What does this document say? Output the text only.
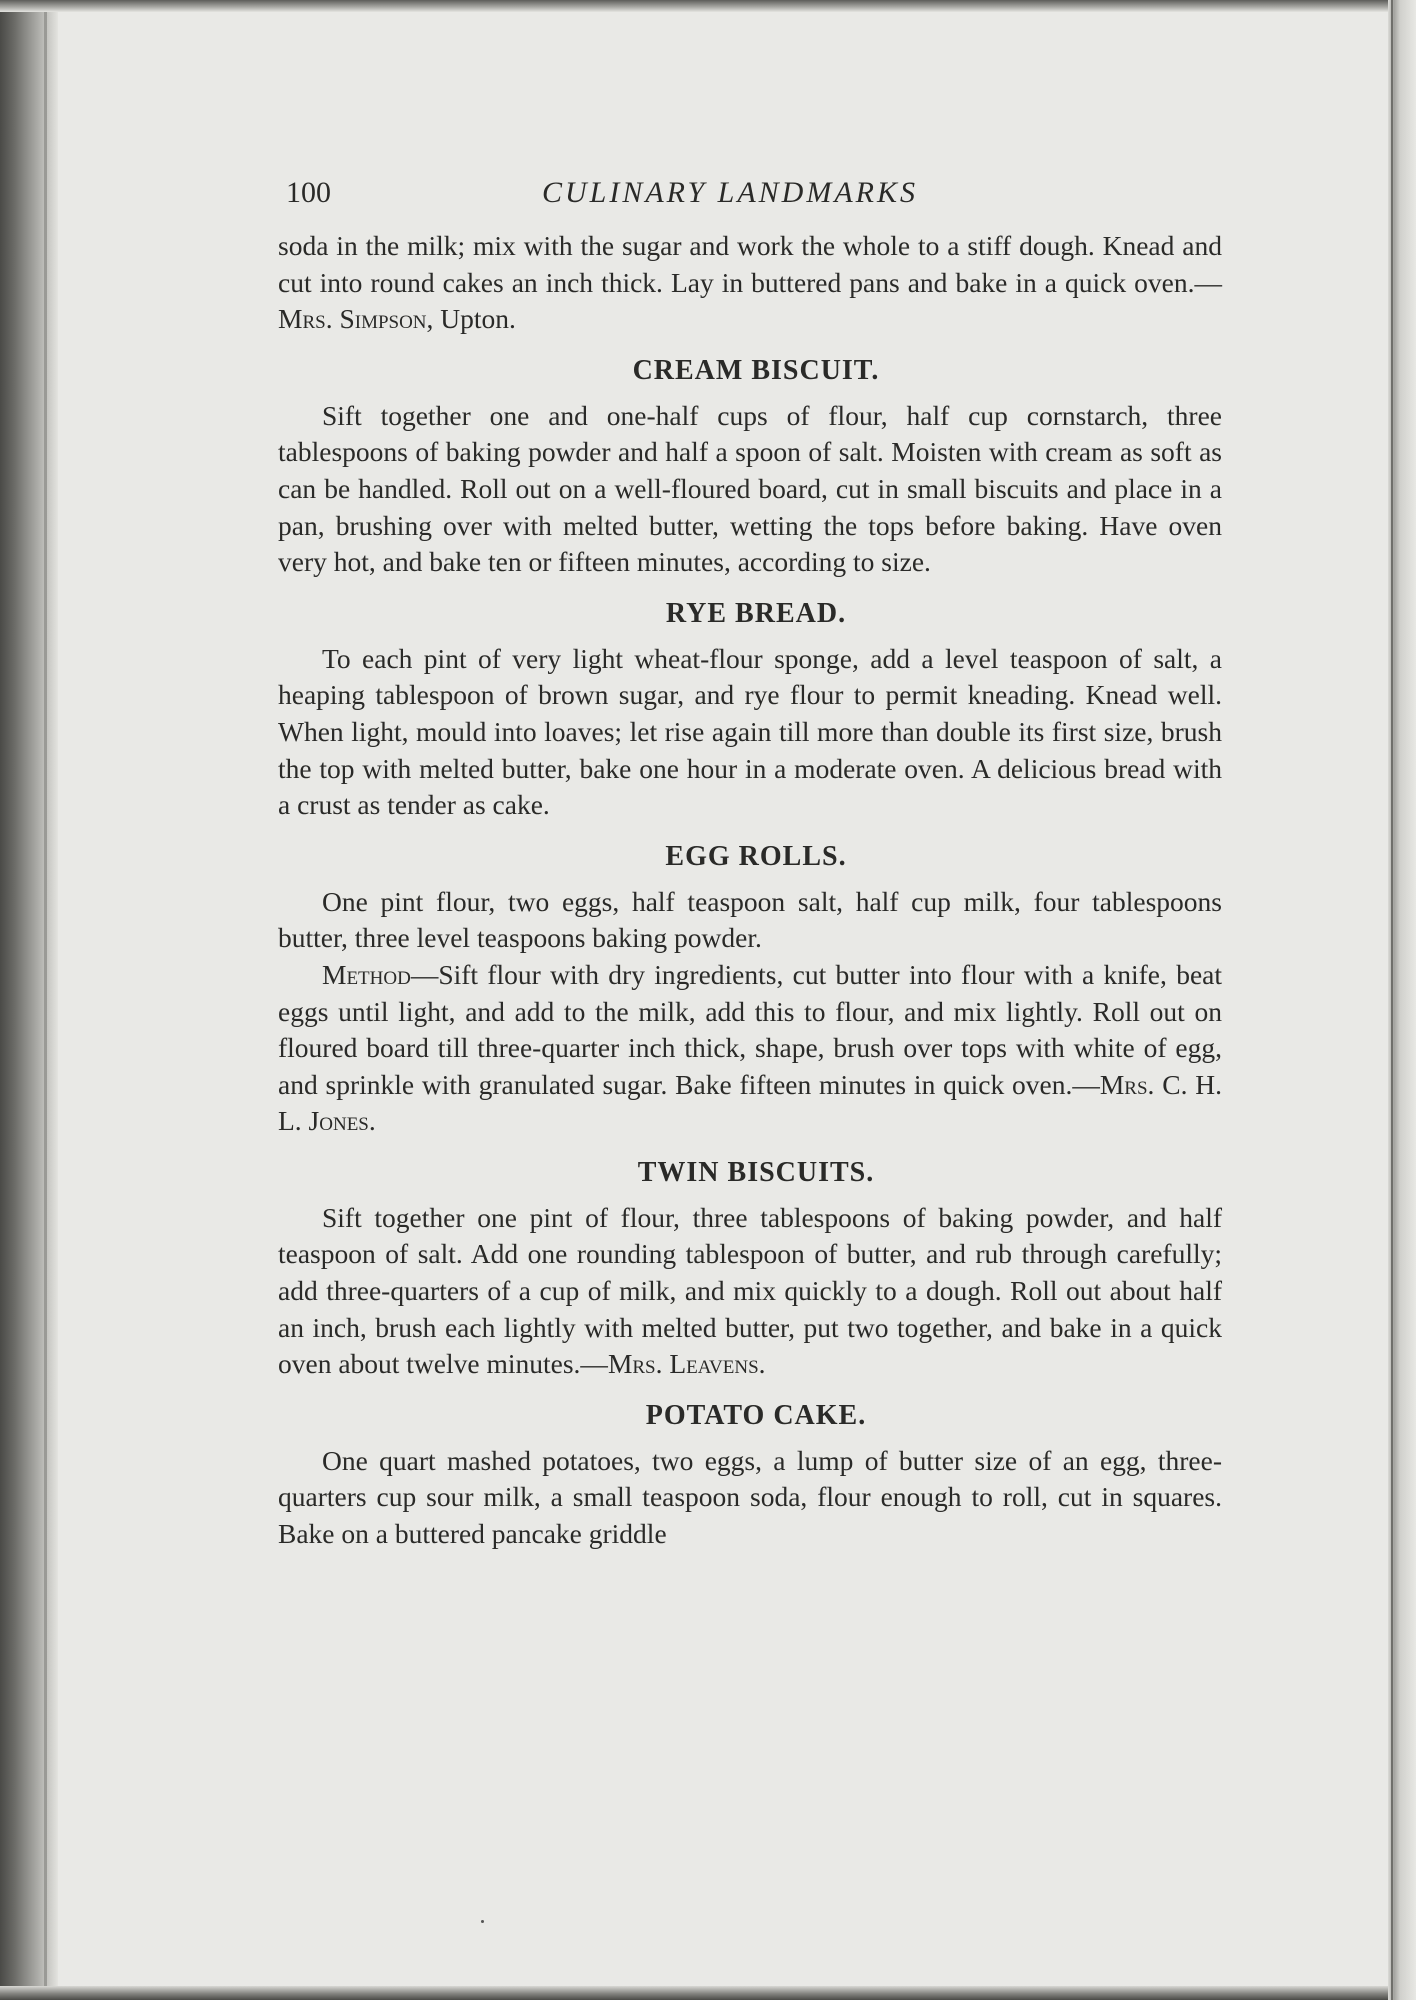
100	CULINARY LANDMARKS

soda in the milk; mix with the sugar and work the whole to a stiff dough. Knead and cut into round cakes an inch thick. Lay in buttered pans and bake in a quick oven.—Mrs. Simpson, Upton.

CREAM BISCUIT.

Sift together one and one-half cups of flour, half cup cornstarch, three tablespoons of baking powder and half a spoon of salt. Moisten with cream as soft as can be handled. Roll out on a well-floured board, cut in small biscuits and place in a pan, brushing over with melted butter, wetting the tops before baking. Have oven very hot, and bake ten or fifteen minutes, according to size.

RYE BREAD.

To each pint of very light wheat-flour sponge, add a level teaspoon of salt, a heaping tablespoon of brown sugar, and rye flour to permit kneading. Knead well. When light, mould into loaves; let rise again till more than double its first size, brush the top with melted butter, bake one hour in a moderate oven. A delicious bread with a crust as tender as cake.

EGG ROLLS.

One pint flour, two eggs, half teaspoon salt, half cup milk, four tablespoons butter, three level teaspoons baking powder.

Method—Sift flour with dry ingredients, cut butter into flour with a knife, beat eggs until light, and add to the milk, add this to flour, and mix lightly. Roll out on floured board till three-quarter inch thick, shape, brush over tops with white of egg, and sprinkle with granulated sugar. Bake fifteen minutes in quick oven.—Mrs. C. H. L. Jones.

TWIN BISCUITS.

Sift together one pint of flour, three tablespoons of baking powder, and half teaspoon of salt. Add one rounding tablespoon of butter, and rub through carefully; add three-quarters of a cup of milk, and mix quickly to a dough. Roll out about half an inch, brush each lightly with melted butter, put two together, and bake in a quick oven about twelve minutes.—Mrs. Leavens.

POTATO CAKE.

One quart mashed potatoes, two eggs, a lump of butter size of an egg, three-quarters cup sour milk, a small teaspoon soda, flour enough to roll, cut in squares. Bake on a buttered pancake griddle
